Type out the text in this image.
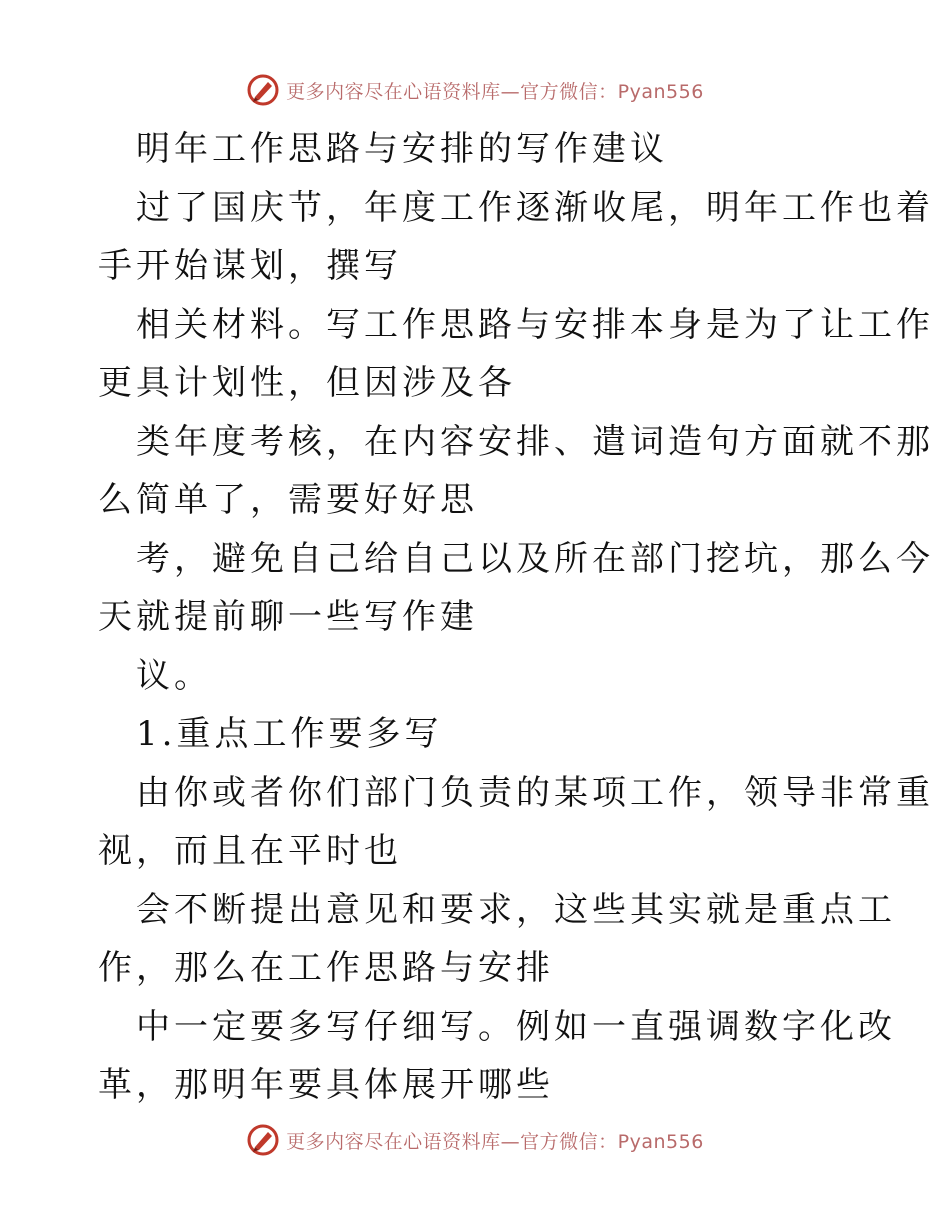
更多内容尽在心语资料库—官方微信：Pyan556
明年工作思路与安排的写作建议
过了国庆节，年度工作逐渐收尾，明年工作也着
手开始谋划，撰写
相关材料。写工作思路与安排本身是为了让工作
更具计划性，但因涉及各
类年度考核，在内容安排、遣词造句方面就不那
么简单了，需要好好思
考，避免自己给自己以及所在部门挖坑，那么今
天就提前聊一些写作建
议。
1.重点工作要多写
由你或者你们部门负责的某项工作，领导非常重
视，而且在平时也
会不断提出意见和要求，这些其实就是重点工
作，那么在工作思路与安排
中一定要多写仔细写。例如一直强调数字化改
革，那明年要具体展开哪些
更多内容尽在心语资料库—官方微信：Pyan556
